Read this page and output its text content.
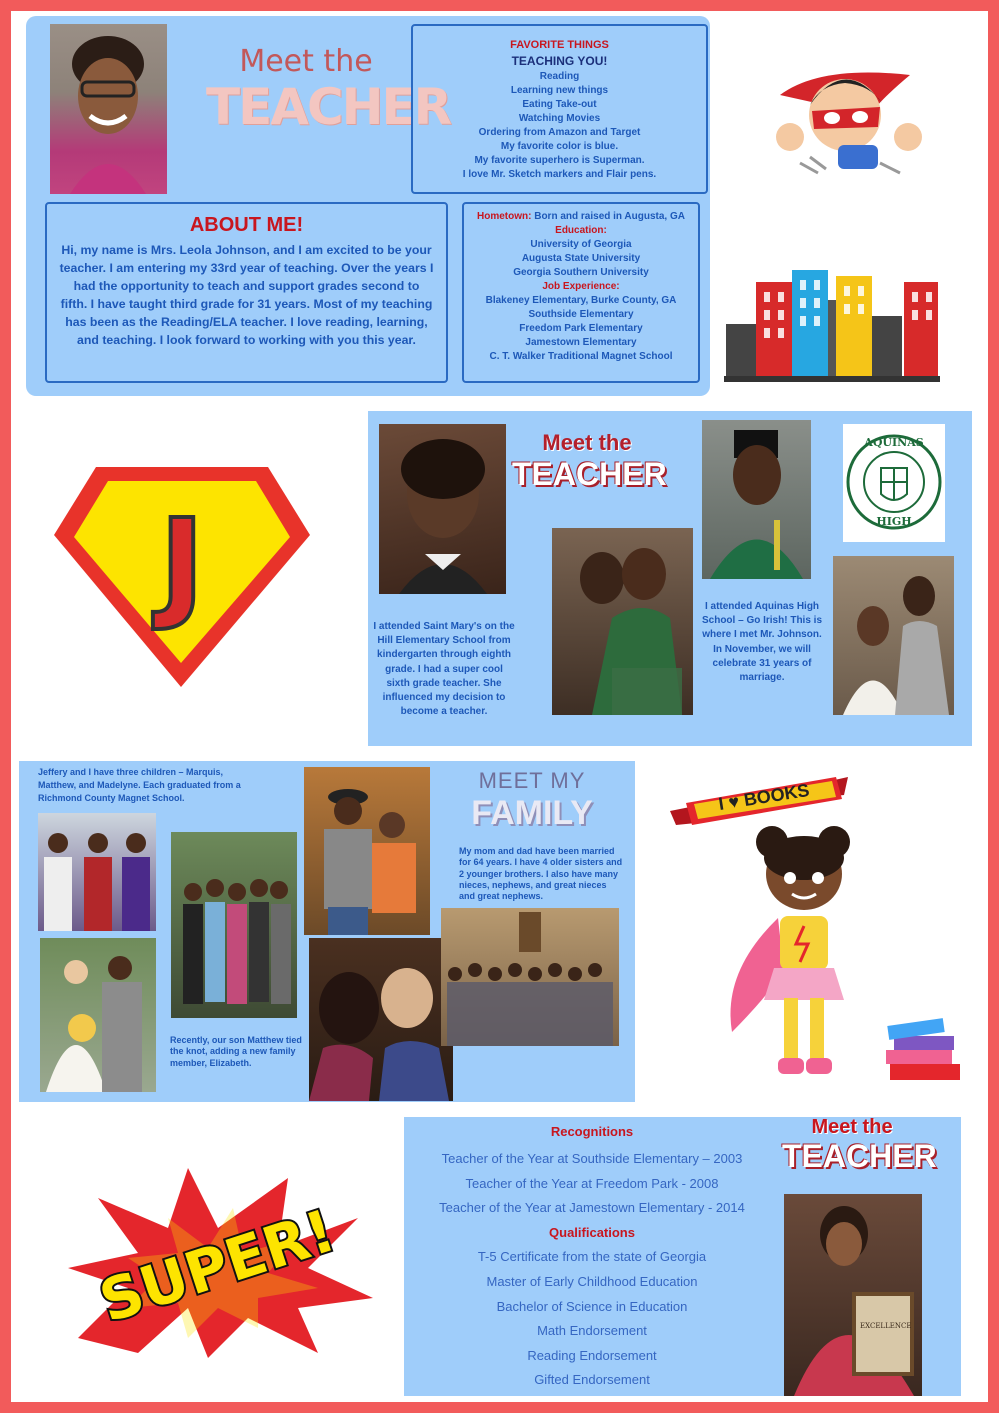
Meet the
TEACHER
FAVORITE THINGS
TEACHING YOU!
Reading
Learning new things
Eating Take-out
Watching Movies
Ordering from Amazon and Target
My favorite color is blue.
My favorite superhero is Superman.
I love Mr. Sketch markers and Flair pens.
ABOUT ME!
Hi, my name is Mrs. Leola Johnson, and I am excited to be your teacher. I am entering my 33rd year of teaching. Over the years I had the opportunity to teach and support grades second to fifth. I have taught third grade for 31 years. Most of my teaching has been as the Reading/ELA teacher. I love reading, learning, and teaching. I look forward to working with you this year.
Hometown: Born and raised in Augusta, GA
Education:
University of Georgia
Augusta State University
Georgia Southern University
Job Experience:
Blakeney Elementary, Burke County, GA
Southside Elementary
Freedom Park Elementary
Jamestown Elementary
C. T. Walker Traditional Magnet School
J
Meet the
TEACHER
AQUINAS
HIGH
I attended Saint Mary's on the Hill Elementary School from kindergarten through eighth grade. I had a super cool sixth grade teacher. She influenced my decision to become a teacher.
I attended Aquinas High School – Go Irish! This is where I met Mr. Johnson. In November, we will celebrate 31 years of marriage.
Jeffery and I have three children – Marquis, Matthew, and Madelyne. Each graduated from a Richmond County Magnet School.
MEET MY
FAMILY
My mom and dad have been married for 64 years. I have 4 older sisters and 2 younger brothers. I also have many nieces, nephews, and great nieces and great nephews.
Recently, our son Matthew tied the knot, adding a new family member, Elizabeth.
I ♥ BOOKS
SUPER!
Recognitions
Teacher of the Year at Southside Elementary – 2003
Teacher of the Year at Freedom Park - 2008
Teacher of the Year at Jamestown Elementary - 2014
Qualifications
T-5 Certificate from the state of Georgia
Master of Early Childhood Education
Bachelor of Science in Education
Math Endorsement
Reading Endorsement
Gifted Endorsement
Meet the
TEACHER
EXCELLENCE
